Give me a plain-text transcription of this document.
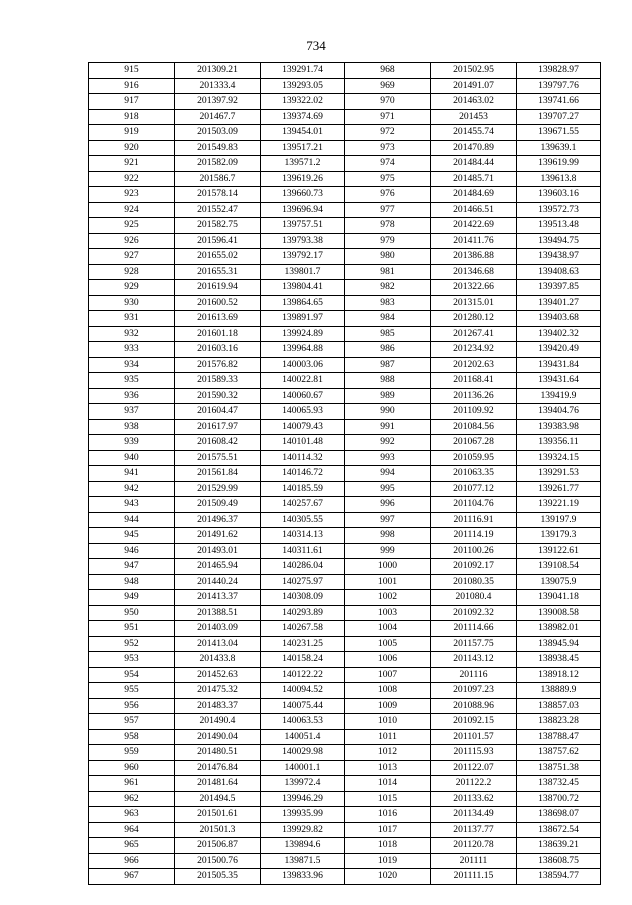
734
915	201309.21	139291.74	968	201502.95	139828.97
916	201333.4	139293.05	969	201491.07	139797.76
917	201397.92	139322.02	970	201463.02	139741.66
918	201467.7	139374.69	971	201453	139707.27
919	201503.09	139454.01	972	201455.74	139671.55
920	201549.83	139517.21	973	201470.89	139639.1
921	201582.09	139571.2	974	201484.44	139619.99
922	201586.7	139619.26	975	201485.71	139613.8
923	201578.14	139660.73	976	201484.69	139603.16
924	201552.47	139696.94	977	201466.51	139572.73
925	201582.75	139757.51	978	201422.69	139513.48
926	201596.41	139793.38	979	201411.76	139494.75
927	201655.02	139792.17	980	201386.88	139438.97
928	201655.31	139801.7	981	201346.68	139408.63
929	201619.94	139804.41	982	201322.66	139397.85
930	201600.52	139864.65	983	201315.01	139401.27
931	201613.69	139891.97	984	201280.12	139403.68
932	201601.18	139924.89	985	201267.41	139402.32
933	201603.16	139964.88	986	201234.92	139420.49
934	201576.82	140003.06	987	201202.63	139431.84
935	201589.33	140022.81	988	201168.41	139431.64
936	201590.32	140060.67	989	201136.26	139419.9
937	201604.47	140065.93	990	201109.92	139404.76
938	201617.97	140079.43	991	201084.56	139383.98
939	201608.42	140101.48	992	201067.28	139356.11
940	201575.51	140114.32	993	201059.95	139324.15
941	201561.84	140146.72	994	201063.35	139291.53
942	201529.99	140185.59	995	201077.12	139261.77
943	201509.49	140257.67	996	201104.76	139221.19
944	201496.37	140305.55	997	201116.91	139197.9
945	201491.62	140314.13	998	201114.19	139179.3
946	201493.01	140311.61	999	201100.26	139122.61
947	201465.94	140286.04	1000	201092.17	139108.54
948	201440.24	140275.97	1001	201080.35	139075.9
949	201413.37	140308.09	1002	201080.4	139041.18
950	201388.51	140293.89	1003	201092.32	139008.58
951	201403.09	140267.58	1004	201114.66	138982.01
952	201413.04	140231.25	1005	201157.75	138945.94
953	201433.8	140158.24	1006	201143.12	138938.45
954	201452.63	140122.22	1007	201116	138918.12
955	201475.32	140094.52	1008	201097.23	138889.9
956	201483.37	140075.44	1009	201088.96	138857.03
957	201490.4	140063.53	1010	201092.15	138823.28
958	201490.04	140051.4	1011	201101.57	138788.47
959	201480.51	140029.98	1012	201115.93	138757.62
960	201476.84	140001.1	1013	201122.07	138751.38
961	201481.64	139972.4	1014	201122.2	138732.45
962	201494.5	139946.29	1015	201133.62	138700.72
963	201501.61	139935.99	1016	201134.49	138698.07
964	201501.3	139929.82	1017	201137.77	138672.54
965	201506.87	139894.6	1018	201120.78	138639.21
966	201500.76	139871.5	1019	201111	138608.75
967	201505.35	139833.96	1020	201111.15	138594.77
